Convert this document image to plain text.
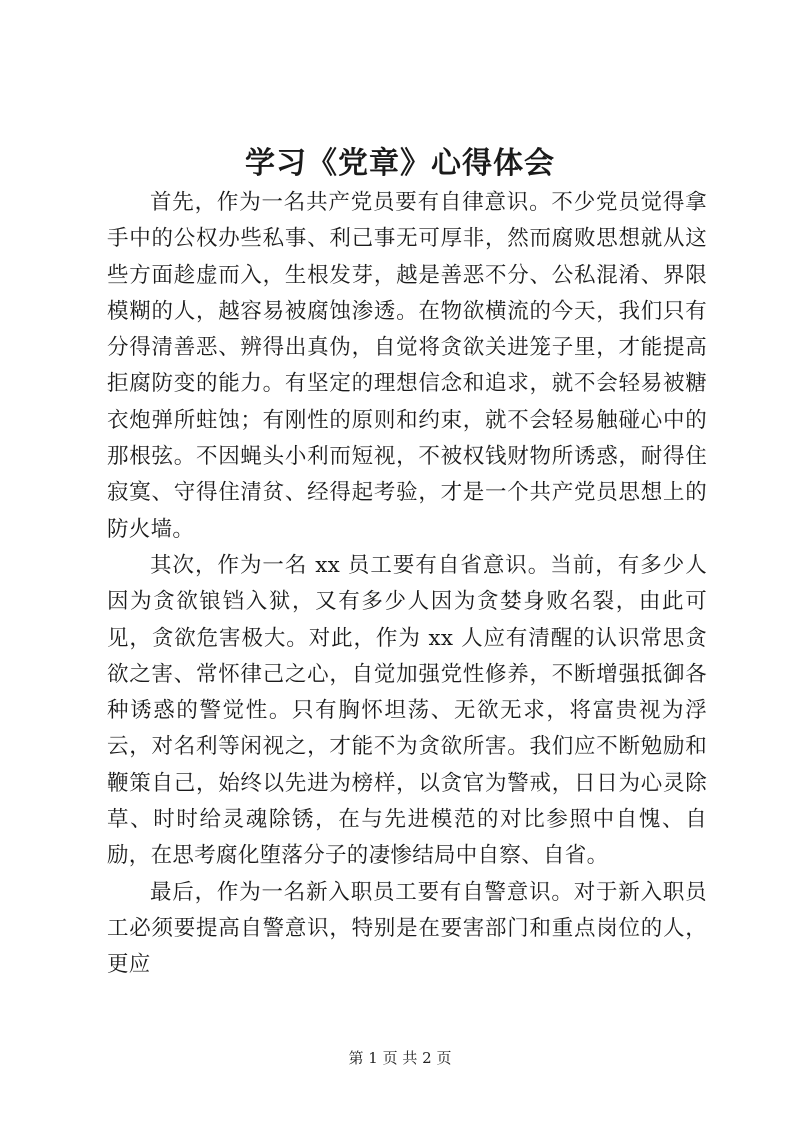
学习《党章》心得体会

首先，作为一名共产党员要有自律意识。不少党员觉得拿手中的公权办些私事、利己事无可厚非，然而腐败思想就从这些方面趁虚而入，生根发芽，越是善恶不分、公私混淆、界限模糊的人，越容易被腐蚀渗透。在物欲横流的今天，我们只有分得清善恶、辨得出真伪，自觉将贪欲关进笼子里，才能提高拒腐防变的能力。有坚定的理想信念和追求，就不会轻易被糖衣炮弹所蛀蚀；有刚性的原则和约束，就不会轻易触碰心中的那根弦。不因蝇头小利而短视，不被权钱财物所诱惑，耐得住寂寞、守得住清贫、经得起考验，才是一个共产党员思想上的防火墙。

其次，作为一名 xx 员工要有自省意识。当前，有多少人因为贪欲锒铛入狱，又有多少人因为贪婪身败名裂，由此可见，贪欲危害极大。对此，作为 xx 人应有清醒的认识常思贪欲之害、常怀律己之心，自觉加强党性修养，不断增强抵御各种诱惑的警觉性。只有胸怀坦荡、无欲无求，将富贵视为浮云，对名利等闲视之，才能不为贪欲所害。我们应不断勉励和鞭策自己，始终以先进为榜样，以贪官为警戒，日日为心灵除草、时时给灵魂除锈，在与先进模范的对比参照中自愧、自励，在思考腐化堕落分子的凄惨结局中自察、自省。

最后，作为一名新入职员工要有自警意识。对于新入职员工必须要提高自警意识，特别是在要害部门和重点岗位的人，更应

第 1 页 共 2 页
